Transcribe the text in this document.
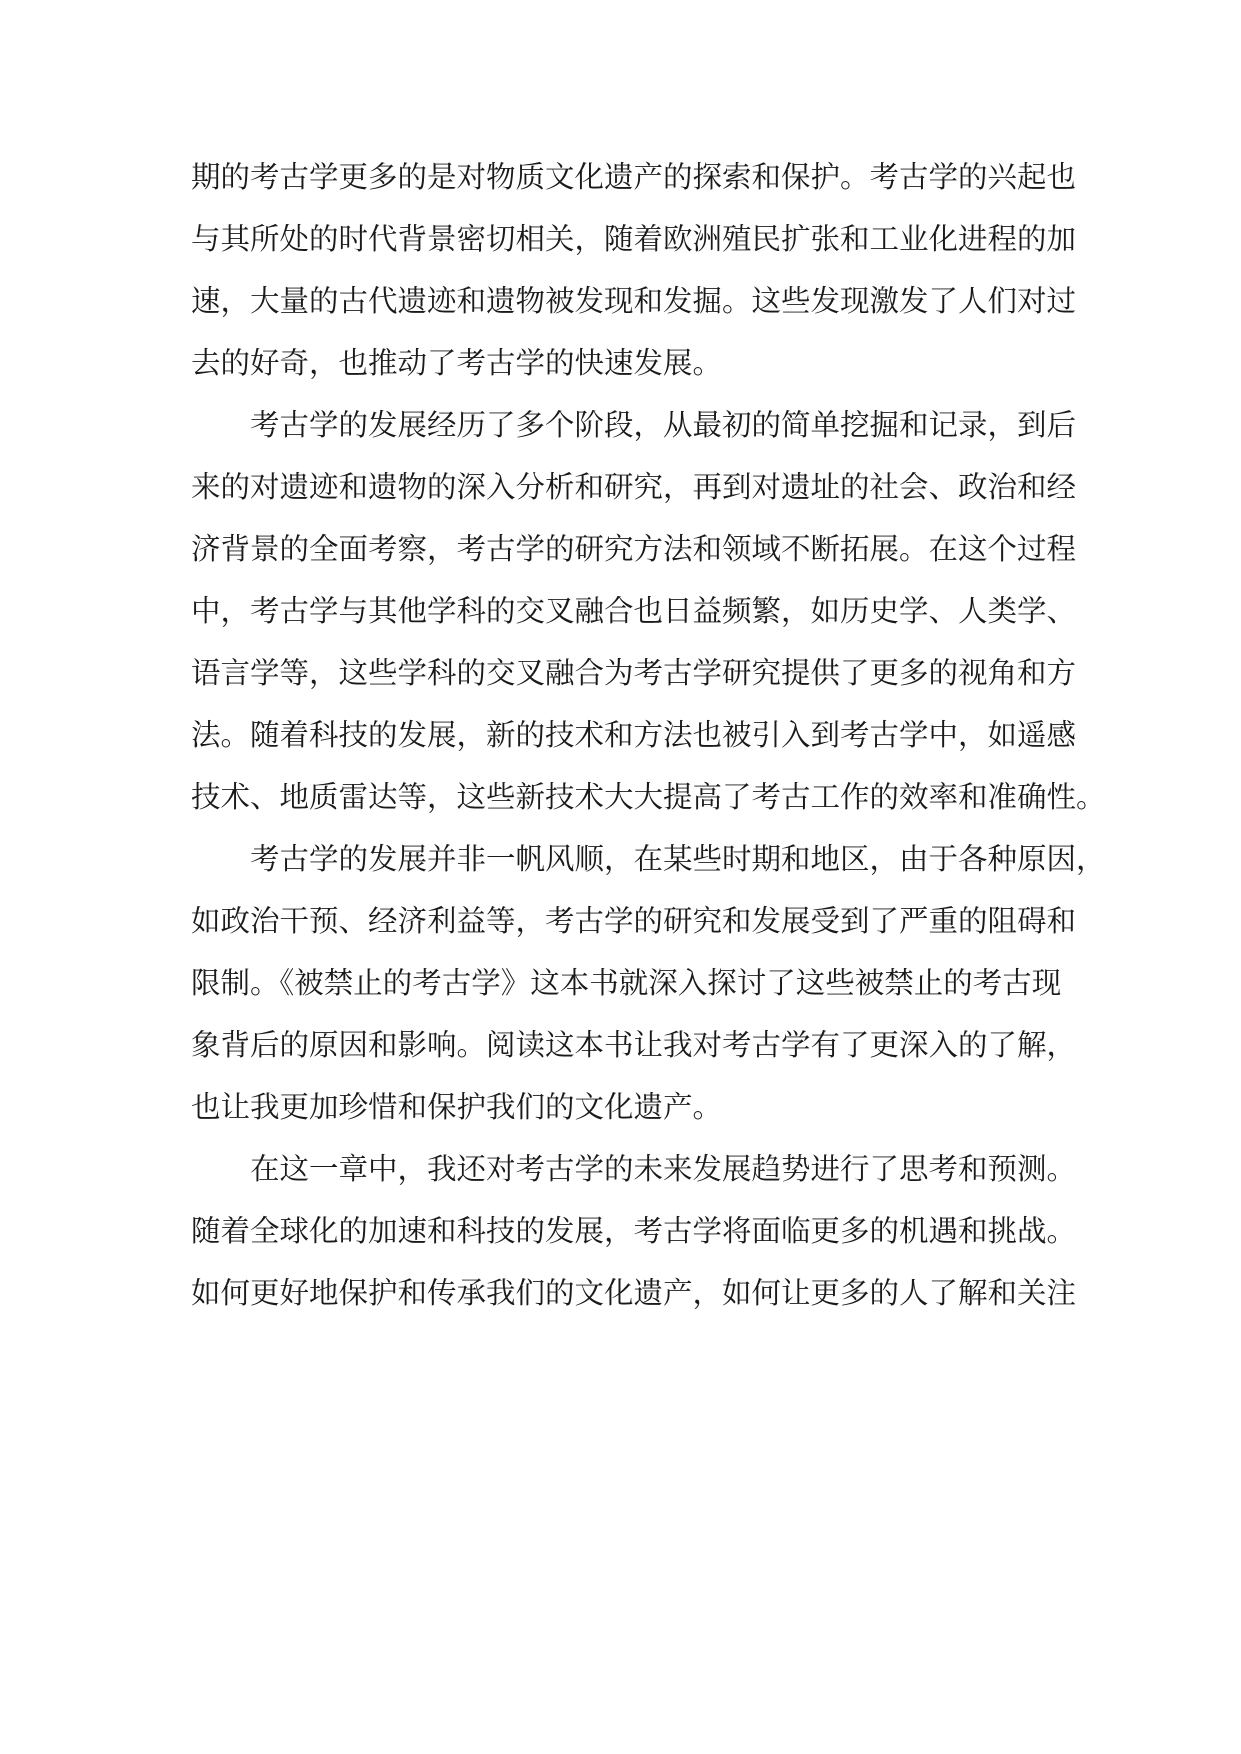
期的考古学更多的是对物质文化遗产的探索和保护。考古学的兴起也
与其所处的时代背景密切相关，随着欧洲殖民扩张和工业化进程的加
速，大量的古代遗迹和遗物被发现和发掘。这些发现激发了人们对过
去的好奇，也推动了考古学的快速发展。
考古学的发展经历了多个阶段，从最初的简单挖掘和记录，到后
来的对遗迹和遗物的深入分析和研究，再到对遗址的社会、政治和经
济背景的全面考察，考古学的研究方法和领域不断拓展。在这个过程
中，考古学与其他学科的交叉融合也日益频繁，如历史学、人类学、
语言学等，这些学科的交叉融合为考古学研究提供了更多的视角和方
法。随着科技的发展，新的技术和方法也被引入到考古学中，如遥感
技术、地质雷达等，这些新技术大大提高了考古工作的效率和准确性。
考古学的发展并非一帆风顺，在某些时期和地区，由于各种原因，
如政治干预、经济利益等，考古学的研究和发展受到了严重的阻碍和
限制。《被禁止的考古学》这本书就深入探讨了这些被禁止的考古现
象背后的原因和影响。阅读这本书让我对考古学有了更深入的了解，
也让我更加珍惜和保护我们的文化遗产。
在这一章中，我还对考古学的未来发展趋势进行了思考和预测。
随着全球化的加速和科技的发展，考古学将面临更多的机遇和挑战。
如何更好地保护和传承我们的文化遗产，如何让更多的人了解和关注
